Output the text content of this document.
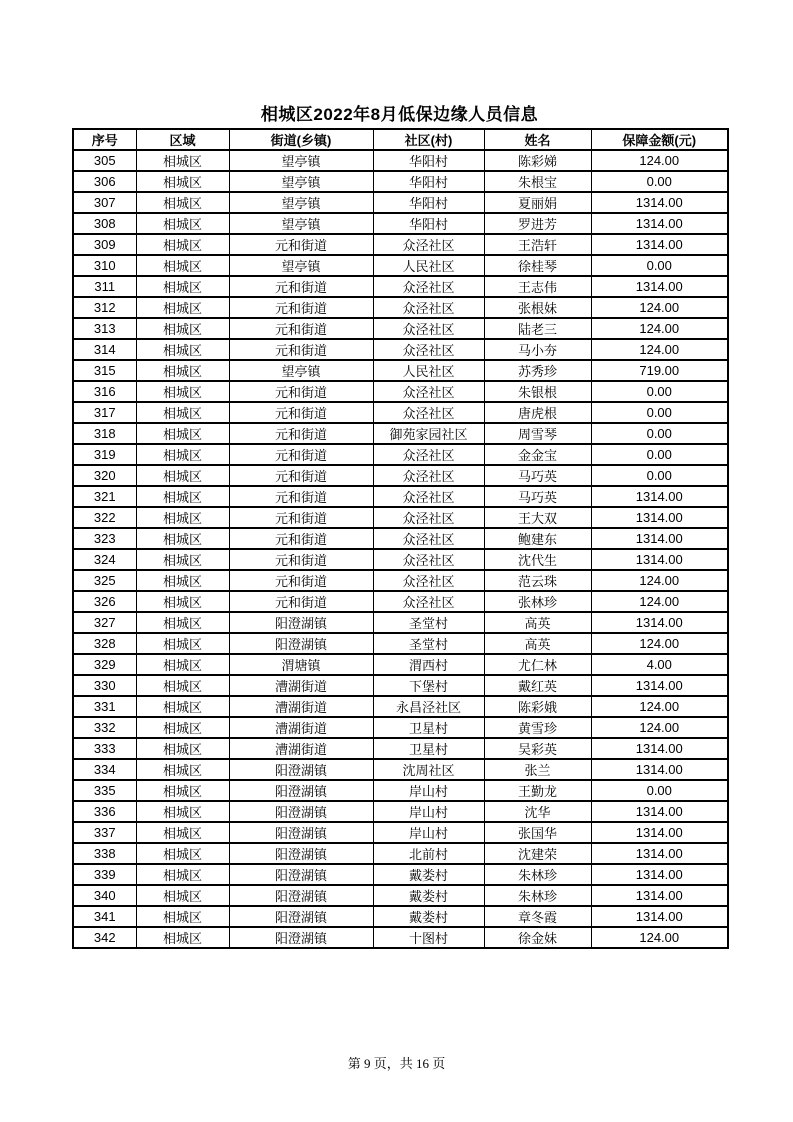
相城区2022年8月低保边缘人员信息
序号	区域	街道(乡镇)	社区(村)	姓名	保障金额(元)
305	相城区	望亭镇	华阳村	陈彩娣	124.00
306	相城区	望亭镇	华阳村	朱根宝	0.00
307	相城区	望亭镇	华阳村	夏丽娟	1314.00
308	相城区	望亭镇	华阳村	罗进芳	1314.00
309	相城区	元和街道	众泾社区	王浩轩	1314.00
310	相城区	望亭镇	人民社区	徐桂琴	0.00
311	相城区	元和街道	众泾社区	王志伟	1314.00
312	相城区	元和街道	众泾社区	张根妹	124.00
313	相城区	元和街道	众泾社区	陆老三	124.00
314	相城区	元和街道	众泾社区	马小夯	124.00
315	相城区	望亭镇	人民社区	苏秀珍	719.00
316	相城区	元和街道	众泾社区	朱银根	0.00
317	相城区	元和街道	众泾社区	唐虎根	0.00
318	相城区	元和街道	御苑家园社区	周雪琴	0.00
319	相城区	元和街道	众泾社区	金金宝	0.00
320	相城区	元和街道	众泾社区	马巧英	0.00
321	相城区	元和街道	众泾社区	马巧英	1314.00
322	相城区	元和街道	众泾社区	王大双	1314.00
323	相城区	元和街道	众泾社区	鲍建东	1314.00
324	相城区	元和街道	众泾社区	沈代生	1314.00
325	相城区	元和街道	众泾社区	范云珠	124.00
326	相城区	元和街道	众泾社区	张林珍	124.00
327	相城区	阳澄湖镇	圣堂村	高英	1314.00
328	相城区	阳澄湖镇	圣堂村	高英	124.00
329	相城区	渭塘镇	渭西村	尤仁林	4.00
330	相城区	漕湖街道	下堡村	戴红英	1314.00
331	相城区	漕湖街道	永昌泾社区	陈彩娥	124.00
332	相城区	漕湖街道	卫星村	黄雪珍	124.00
333	相城区	漕湖街道	卫星村	吴彩英	1314.00
334	相城区	阳澄湖镇	沈周社区	张兰	1314.00
335	相城区	阳澄湖镇	岸山村	王勤龙	0.00
336	相城区	阳澄湖镇	岸山村	沈华	1314.00
337	相城区	阳澄湖镇	岸山村	张国华	1314.00
338	相城区	阳澄湖镇	北前村	沈建荣	1314.00
339	相城区	阳澄湖镇	戴娄村	朱林珍	1314.00
340	相城区	阳澄湖镇	戴娄村	朱林珍	1314.00
341	相城区	阳澄湖镇	戴娄村	章冬霞	1314.00
342	相城区	阳澄湖镇	十图村	徐金妹	124.00
第 9 页，共 16 页
